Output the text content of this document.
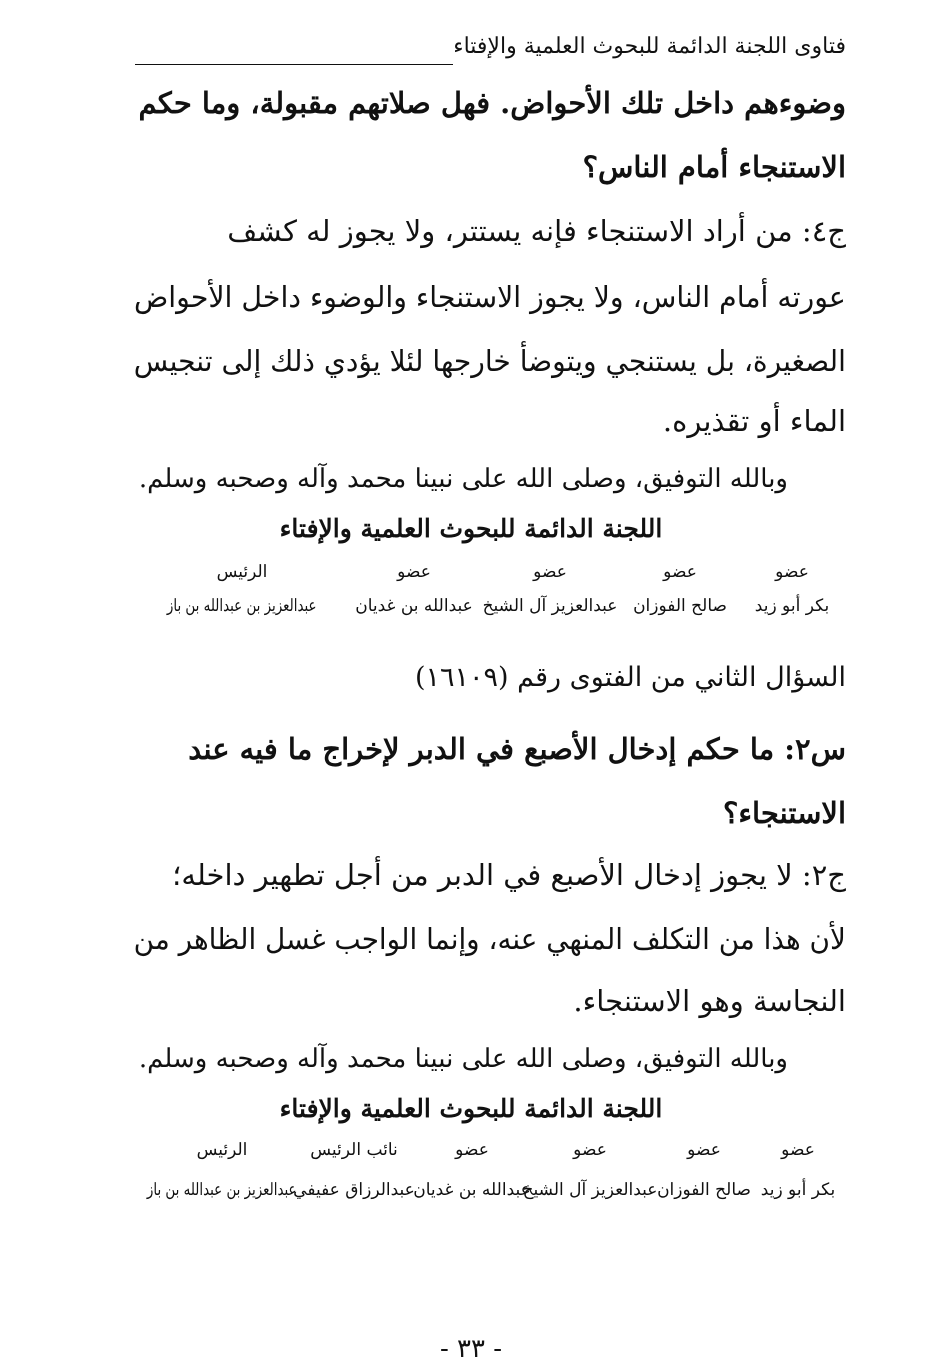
فتاوى اللجنة الدائمة للبحوث العلمية والإفتاء
وضوءهم داخل تلك الأحواض. فهل صلاتهم مقبولة، وما حكم
الاستنجاء أمام الناس؟
ج٤: من أراد الاستنجاء فإنه يستتر، ولا يجوز له كشف
عورته أمام الناس، ولا يجوز الاستنجاء والوضوء داخل الأحواض
الصغيرة، بل يستنجي ويتوضأ خارجها لئلا يؤدي ذلك إلى تنجيس
الماء أو تقذيره.
وبالله التوفيق، وصلى الله على نبينا محمد وآله وصحبه وسلم.
اللجنة الدائمة للبحوث العلمية والإفتاء
عضو
عضو
عضو
عضو
الرئيس
بكر أبو زيد
صالح الفوزان
عبدالعزيز آل الشيخ
عبدالله بن غديان
عبدالعزيز بن عبدالله بن باز
السؤال الثاني من الفتوى رقم (١٦١٠٩)
س٢: ما حكم إدخال الأصبع في الدبر لإخراج ما فيه عند
الاستنجاء؟
ج٢: لا يجوز إدخال الأصبع في الدبر من أجل تطهير داخله؛
لأن هذا من التكلف المنهي عنه، وإنما الواجب غسل الظاهر من
النجاسة وهو الاستنجاء.
وبالله التوفيق، وصلى الله على نبينا محمد وآله وصحبه وسلم.
اللجنة الدائمة للبحوث العلمية والإفتاء
عضو
عضو
عضو
عضو
نائب الرئيس
الرئيس
بكر أبو زيد
صالح الفوزان
عبدالعزيز آل الشيخ
عبدالله بن غديان
عبدالرزاق عفيفي
عبدالعزيز بن عبدالله بن باز
- ٣٣ -
